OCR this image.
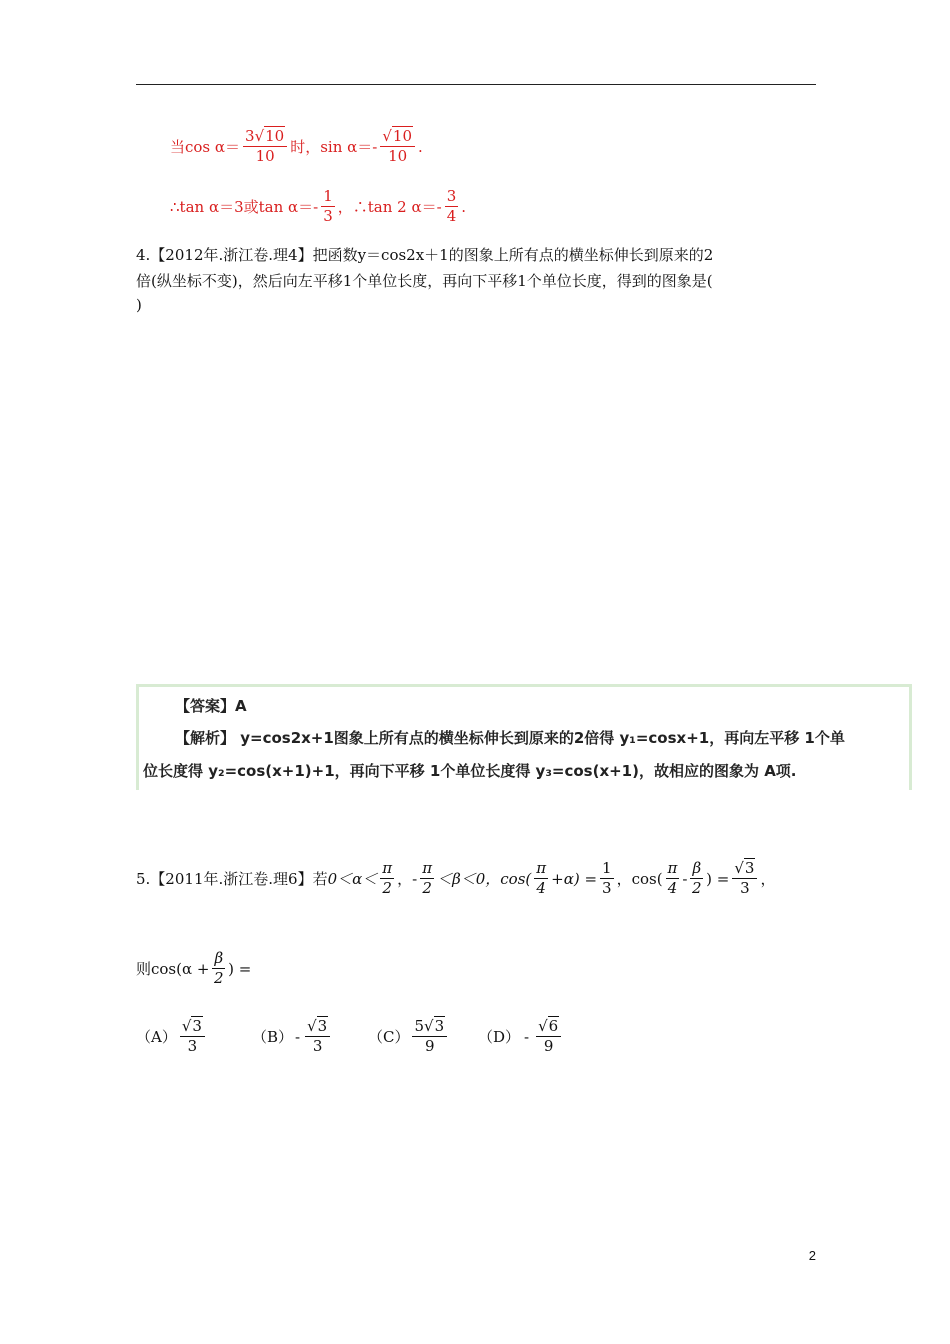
当$\cos \alpha= \frac{3√10}{10}$ 时，$\sin \alpha=- \frac{√10}{10}$ .
∴tan α＝3或$\tan \alpha=- \frac{1}{3}$ ，∴tan 2 $\alpha=- \frac{3}{4}$ .
4.【2012年.浙江卷.理4】把函数y＝cos2x＋1的图象上所有点的横坐标伸长到原来的2
倍(纵坐标不变)，然后向左平移1个单位长度，再向下平移1个单位长度，得到的图象是(
)
【答案】A
【解析】 y=cos2x+1图象上所有点的横坐标伸长到原来的2倍得 y₁=cosx+1，再向左平移 1个单
位长度得 y₂=cos(x+1)+1，再向下平移 1个单位长度得 y₃=cos(x+1)，故相应的图象为 A项.
5.【2011年.浙江卷.理6】若 $0<\alpha< \frac{\pi}{2}$ ，- $\frac{\pi}{2} <\beta<0$，$\cos( \frac{\pi}{4} +\alpha) = \frac{1}{3}$ ，$\cos( \frac{\pi}{4} - \frac{\beta}{2}$ ) = $\frac{√3}{3}$ ，
则$\cos(\alpha + \frac{\beta}{2}$ ) =
$(A) \frac{√3}{3}$	$(B) - \frac{√3}{3}$	$(C) \frac{5√3}{9} (D) - \frac{√6}{9}$
2
